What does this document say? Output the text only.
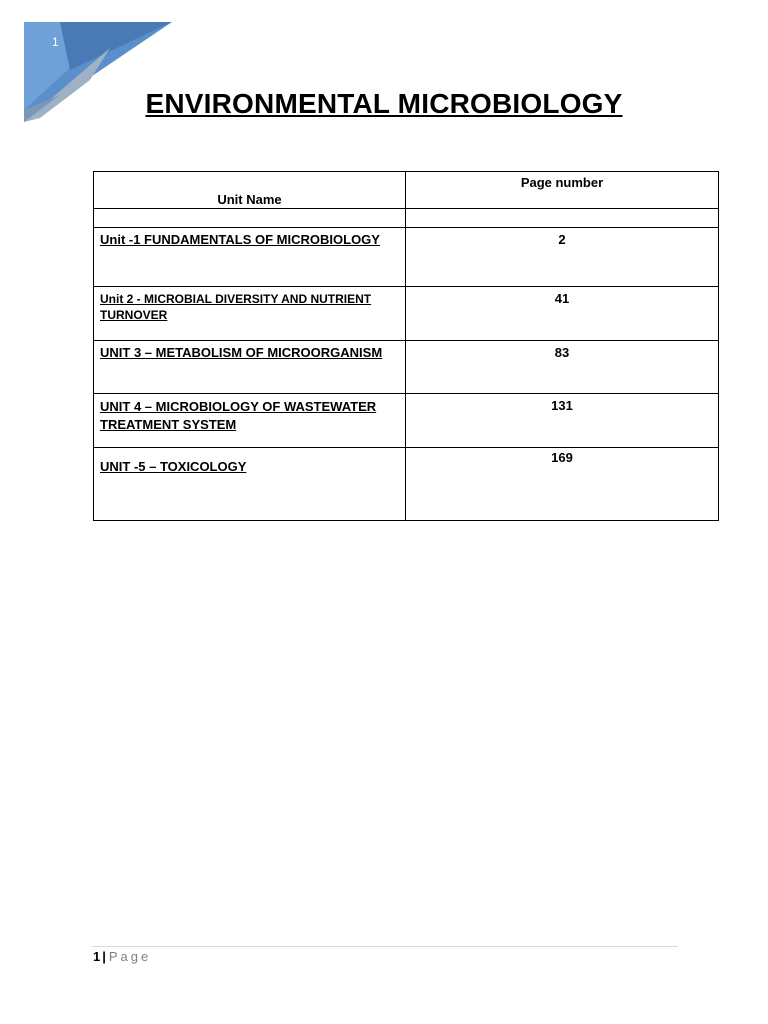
1
ENVIRONMENTAL MICROBIOLOGY
Unit Name	Page number

Unit -1 FUNDAMENTALS OF MICROBIOLOGY	2
Unit 2 - MICROBIAL DIVERSITY AND NUTRIENT TURNOVER	41
UNIT 3 – METABOLISM OF MICROORGANISM	83
UNIT 4 – MICROBIOLOGY OF WASTEWATER TREATMENT SYSTEM	131
UNIT -5 – TOXICOLOGY	169
1 | Page
